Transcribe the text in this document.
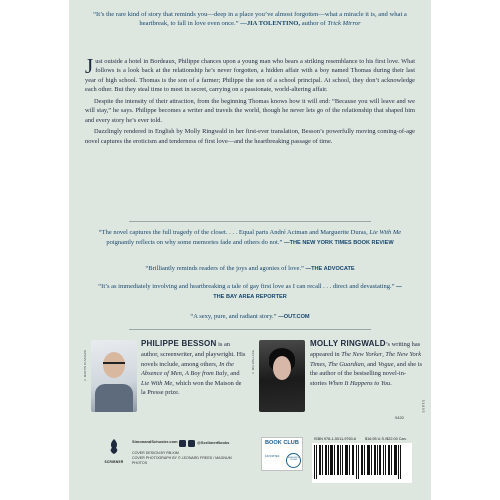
“It’s the rare kind of story that reminds you—deep in a place you’ve almost forgotten—what a miracle it is, and what a heartbreak, to fall in love even once.” —JIA TOLENTINO, author of Trick Mirror

Just outside a hotel in Bordeaux, Philippe chances upon a young man who bears a striking resemblance to his first love. What follows is a look back at the relationship he’s never forgotten, a hidden affair with a boy named Thomas during their last year of high school. Thomas is the son of a farmer; Philippe the son of a school principal. At school, they don’t acknowledge each other. But they steal time to meet in secret, carrying on a passionate, world-altering affair.

Despite the intensity of their attraction, from the beginning Thomas knows how it will end: “Because you will leave and we will stay,” he says. Philippe becomes a writer and travels the world, though he never lets go of the relationship that shaped him and every story he’s ever told.

Dazzlingly rendered in English by Molly Ringwald in her first-ever translation, Besson’s powerfully moving coming-of-age novel captures the eroticism and tenderness of first love—and the heartbreaking passage of time.

“The novel captures the full tragedy of the closet. . . . Equal parts André Aciman and Marguerite Duras, Lie With Me poignantly reflects on why some memories fade and others do not.” —THE NEW YORK TIMES BOOK REVIEW
“Brilliantly reminds readers of the joys and agonies of love.” —THE ADVOCATE
“It’s as immediately involving and heartbreaking a tale of gay first love as I can recall . . . direct and devastating.” —THE BAY AREA REPORTER
“A sexy, pure, and radiant story.” —OUT.COM
© MARTIN OUVRARD
PHILIPPE BESSON is an author, screenwriter, and playwright. His novels include, among others, In the Absence of Men, A Boy from Italy, and Lie With Me, which won the Maison de la Presse prize.
© MIA WALLACE
MOLLY RINGWALD’s writing has appeared in The New Yorker, The New York Times, The Guardian, and Vogue, and she is the author of the bestselling novel-in-stories When It Happens to You.
0420
SCRIBNER
SimonandSchuster.com	@ScribnerBooks
COVER DESIGN BY RB-KIM
COVER PHOTOGRAPH BY © LEONARD FREED / MAGNUM PHOTOS
BOOK CLUB
FAVORITES	READER'S GUIDE
ISBN 978-1-5011-9760-6 $16.95 U.S./$22.00 Can.
5 1 6 9 5
